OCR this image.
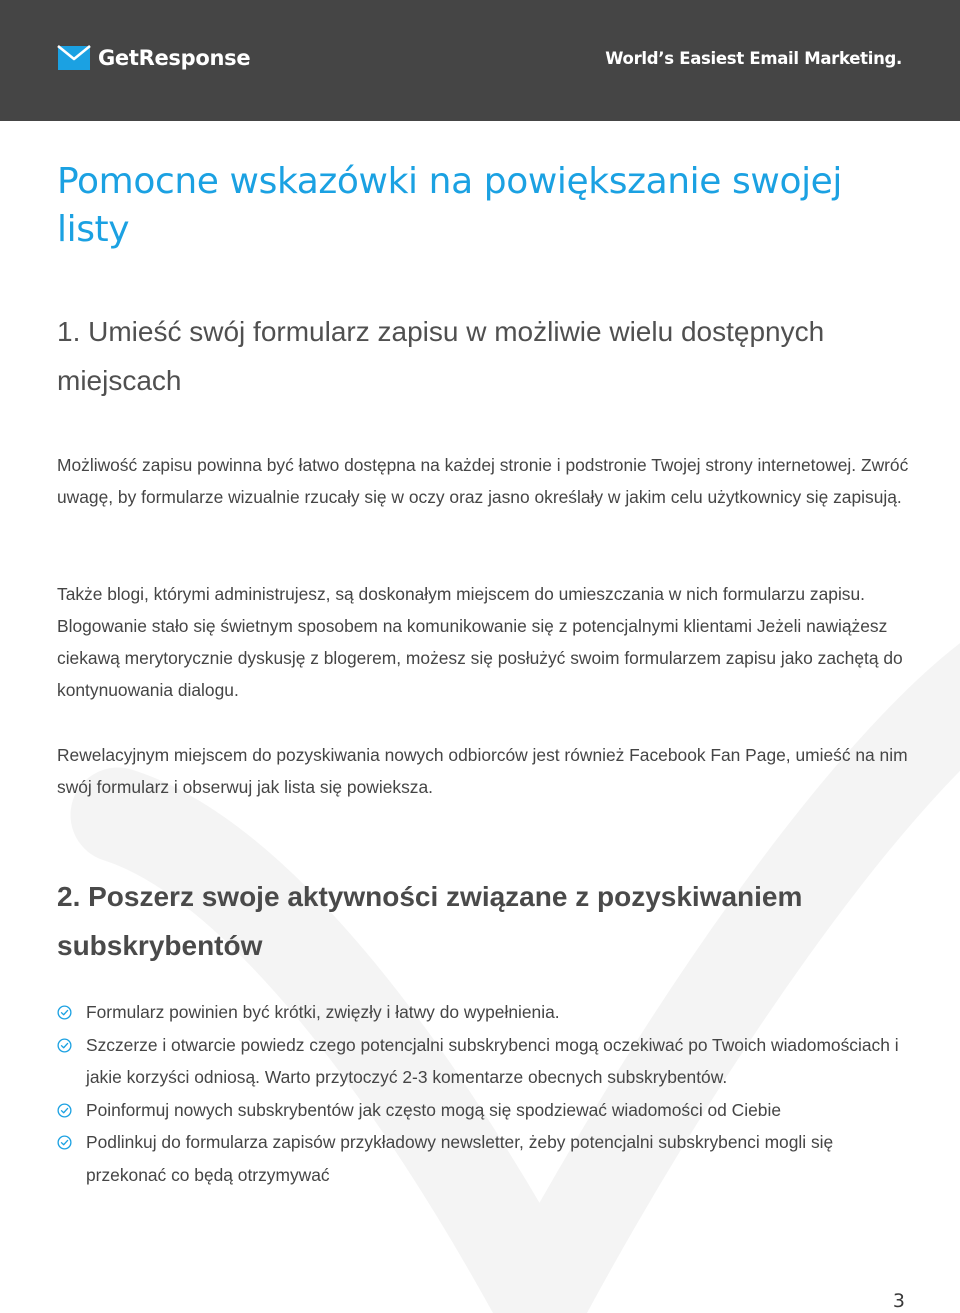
GetResponse	World’s Easiest Email Marketing.
Pomocne wskazówki na powiększanie swojej listy
1. Umieść swój formularz zapisu w możliwie wielu dostępnych miejscach

Możliwość zapisu powinna być łatwo dostępna na każdej stronie i podstronie Twojej strony internetowej. Zwróć uwagę, by formularze wizualnie rzucały się w oczy oraz jasno określały w jakim celu użytkownicy się zapisują.

Także blogi, którymi administrujesz, są doskonałym miejscem do umieszczania w nich formularzu zapisu. Blogowanie stało się świetnym sposobem na komunikowanie się z potencjalnymi klientami Jeżeli nawiążesz ciekawą merytorycznie dyskusję z blogerem, możesz się posłużyć swoim formularzem zapisu jako zachętą do kontynuowania dialogu.

Rewelacyjnym miejscem do pozyskiwania nowych odbiorców jest również Facebook Fan Page, umieść na nim swój formularz i obserwuj jak lista się powieksza.

2. Poszerz swoje aktywności związane z pozyskiwaniem subskrybentów
Formularz powinien być krótki, zwięzły i łatwy do wypełnienia.
Szczerze i otwarcie powiedz czego potencjalni subskrybenci mogą oczekiwać po Twoich wiadomościach i jakie korzyści odniosą. Warto przytoczyć 2-3 komentarze obecnych subskrybentów.
Poinformuj nowych subskrybentów jak często mogą się spodziewać wiadomości od Ciebie
Podlinkuj do formularza zapisów przykładowy newsletter, żeby potencjalni subskrybenci mogli się przekonać co będą otrzymywać
3
